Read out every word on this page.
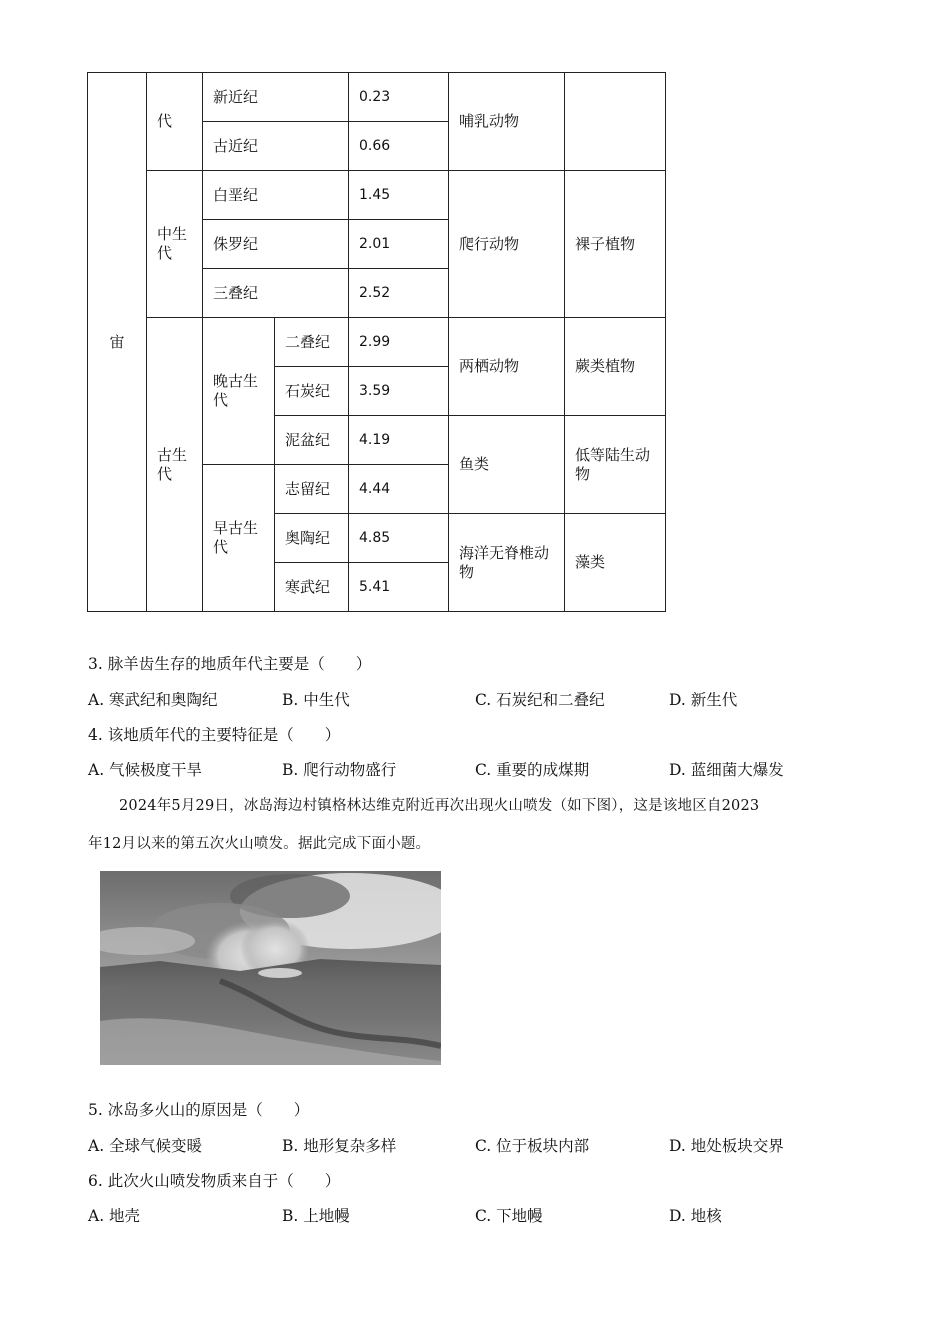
宙	代	新近纪		0.23	哺乳动物	
		古近纪		0.66		
	中生代	白垩纪		1.45	爬行动物	裸子植物
		侏罗纪		2.01		
		三叠纪		2.52		
	古生代	晚古生代	二叠纪	2.99	两栖动物	蕨类植物
			石炭纪	3.59		
			泥盆纪	4.19	鱼类	低等陆生动物
		早古生代	志留纪	4.44		
			奥陶纪	4.85	海洋无脊椎动物	藻类
			寒武纪	5.41		
3. 脉羊齿生存的地质年代主要是（　　）
A. 寒武纪和奥陶纪	B. 中生代	C. 石炭纪和二叠纪	D. 新生代
4. 该地质年代的主要特征是（　　）
A. 气候极度干旱	B. 爬行动物盛行	C. 重要的成煤期	D. 蓝细菌大爆发
2024年5月29日，冰岛海边村镇格林达维克附近再次出现火山喷发（如下图），这是该地区自2023
年12月以来的第五次火山喷发。据此完成下面小题。
5. 冰岛多火山的原因是（　　）
A. 全球气候变暖	B. 地形复杂多样	C. 位于板块内部	D. 地处板块交界
6. 此次火山喷发物质来自于（　　）
A. 地壳	B. 上地幔	C. 下地幔	D. 地核
